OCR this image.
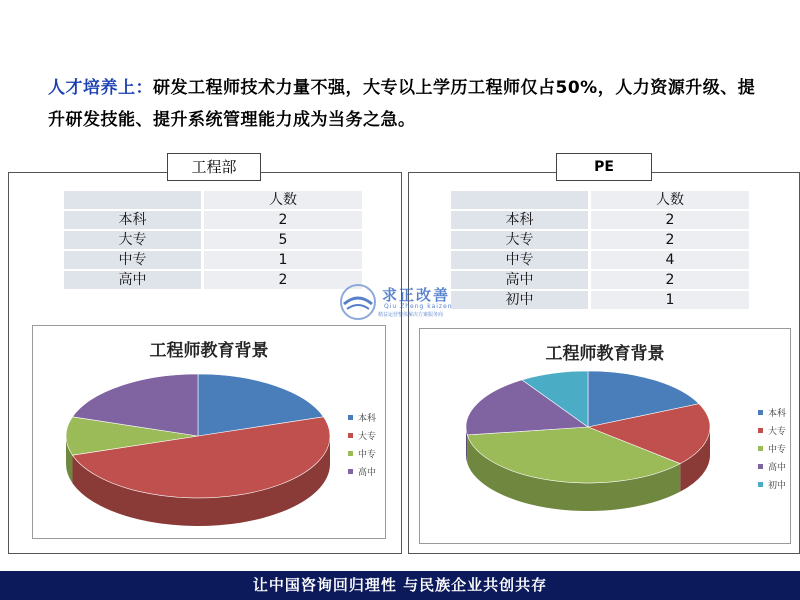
人才培养上：研发工程师技术力量不强，大专以上学历工程师仅占50%，人力资源升级、提升研发技能、提升系统管理能力成为当务之急。
		人数
本科		2
大专		5
中专		1
高中		2
工程师教育背景
本科
大专
中专
高中
工程部
		人数
本科		2
大专		2
中专		4
高中		2
初中		1
工程师教育背景
本科
大专
中专
高中
初中
PE
求正改善
Qiu Zheng kaizen
精益运营整体解决方案服务商
让中国咨询回归理性 与民族企业共创共存
